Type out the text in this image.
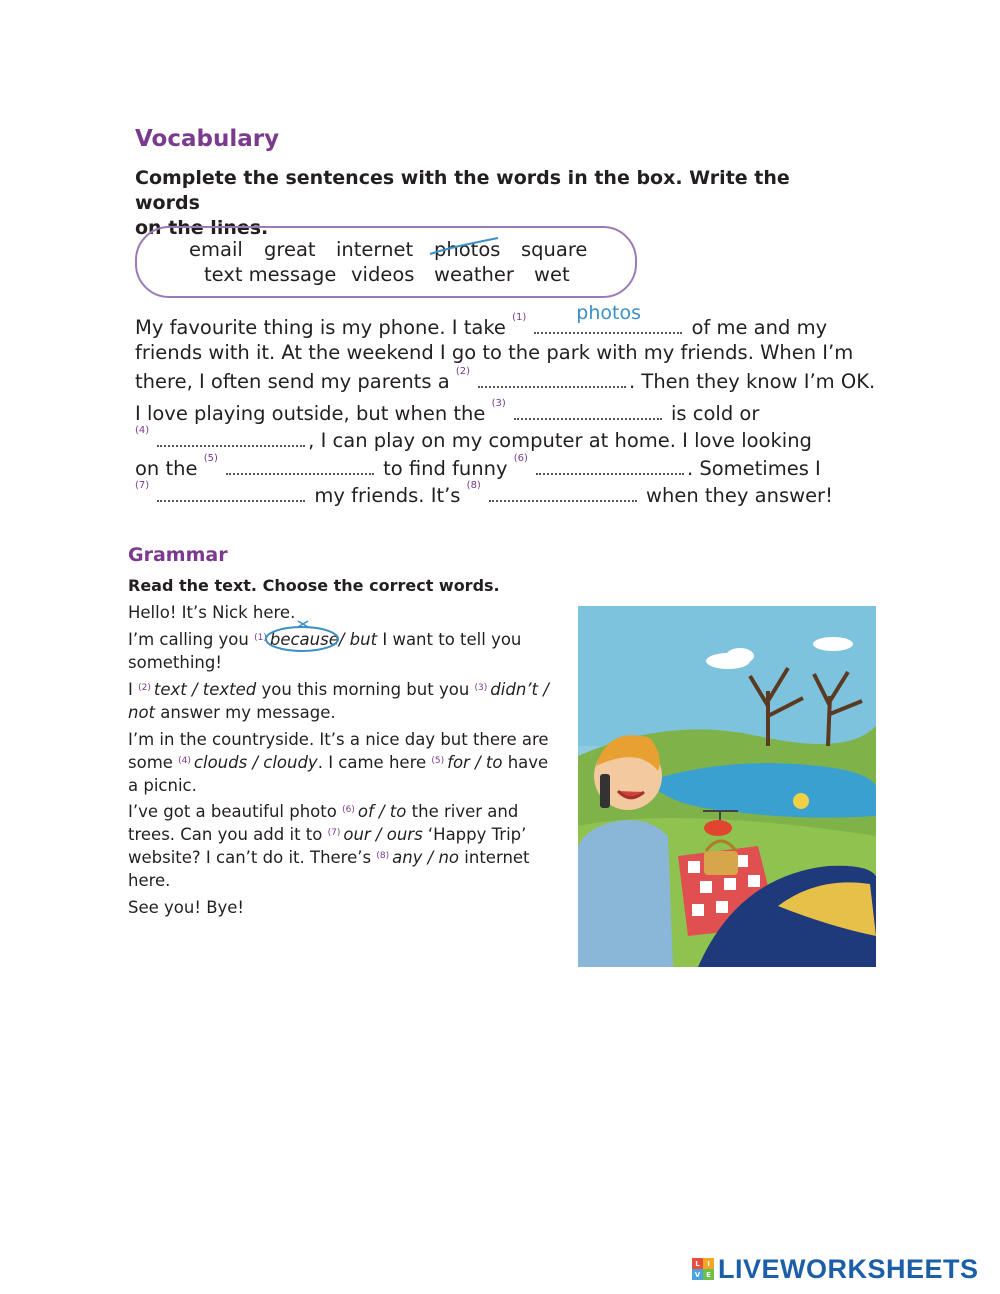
Vocabulary
Complete the sentences with the words in the box. Write the words
on the lines.
email great internet photos square
text message videos weather wet
My favourite thing is my phone. I take $^{(1)}$	photos
of me and my
friends with it. At the weekend I go to the park with my friends. When I’m
there, I often send my parents a $^{(2)}$	. Then they know I’m OK.
I love playing outside, but when the $^{(3)}$	is cold or
$^{(4)}$	, I can play on my computer at home. I love looking
on the $^{(5)}$	to find funny $^{(6)}$	. Sometimes I
$^{(7)}$	my friends. It’s $^{(8)}$	when they answer!
Grammar
Read the text. Choose the correct words.
Hello! It’s Nick here.
I’m calling you $^{(1)}$ because/ but I want to tell you
something!
I $^{(2)}$ text / texted you this morning but you $^{(3)}$ didn’t /
not answer my message.
I’m in the countryside. It’s a nice day but there are
some $^{(4)}$ clouds / cloudy. I came here $^{(5)}$ for / to have
a picnic.
I’ve got a beautiful photo $^{(6)}$ of / to the river and
trees. Can you add it to $^{(7)}$ our / ours ‘Happy Trip’
website? I can’t do it. There’s $^{(8)}$ any / no internet
here.
See you! Bye!
L	I
V E LIVEWORKSHEETS
